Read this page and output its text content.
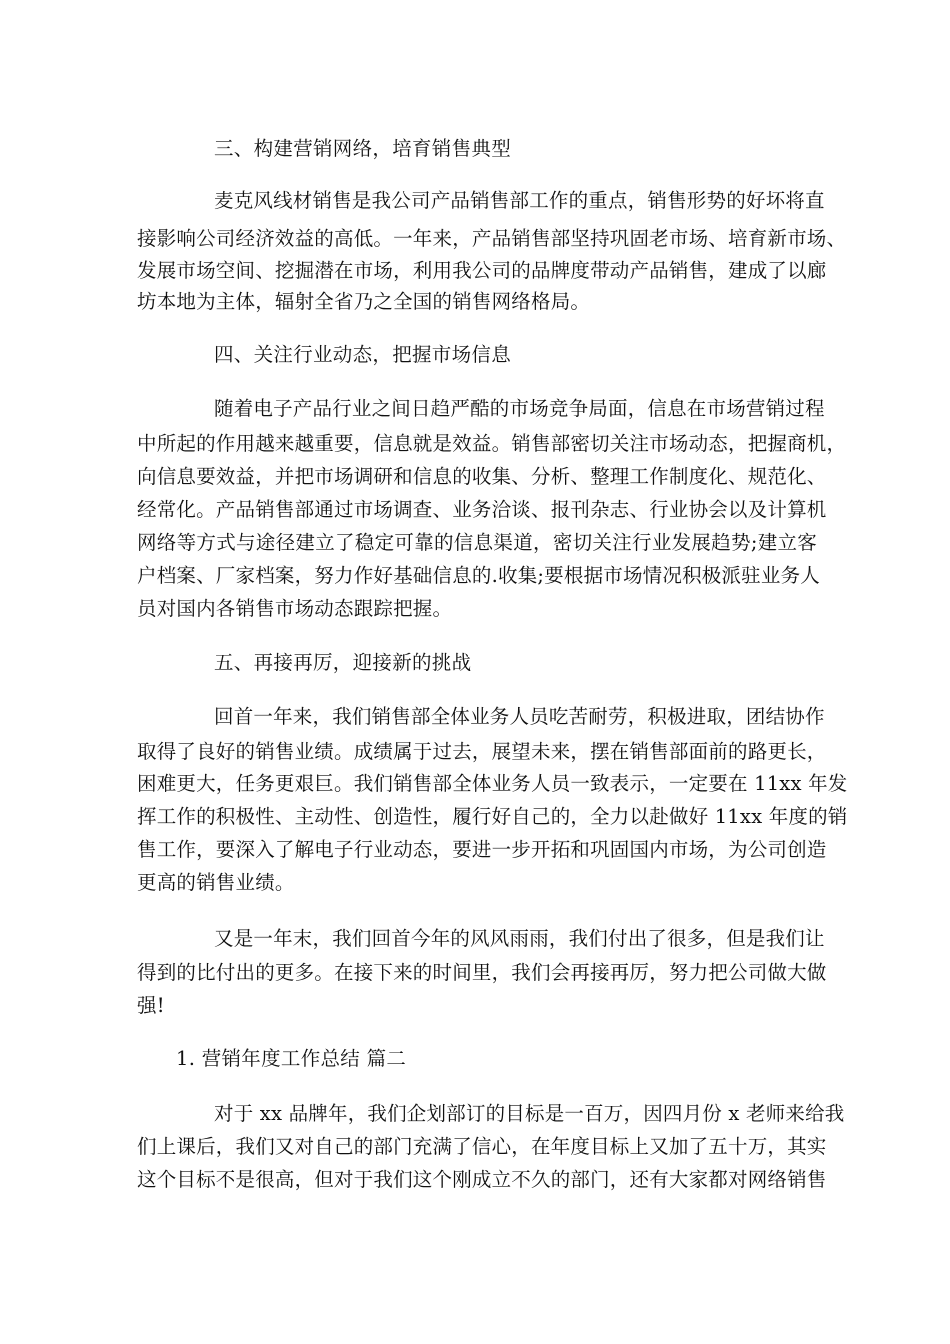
三、构建营销网络，培育销售典型
麦克风线材销售是我公司产品销售部工作的重点，销售形势的好坏将直
接影响公司经济效益的高低。一年来，产品销售部坚持巩固老市场、培育新市场、
发展市场空间、挖掘潜在市场，利用我公司的品牌度带动产品销售，建成了以廊
坊本地为主体，辐射全省乃之全国的销售网络格局。
四、关注行业动态，把握市场信息
随着电子产品行业之间日趋严酷的市场竞争局面，信息在市场营销过程
中所起的作用越来越重要，信息就是效益。销售部密切关注市场动态，把握商机，
向信息要效益，并把市场调研和信息的收集、分析、整理工作制度化、规范化、
经常化。产品销售部通过市场调查、业务洽谈、报刊杂志、行业协会以及计算机
网络等方式与途径建立了稳定可靠的信息渠道，密切关注行业发展趋势;建立客
户档案、厂家档案，努力作好基础信息的.收集;要根据市场情况积极派驻业务人
员对国内各销售市场动态跟踪把握。
五、再接再厉，迎接新的挑战
回首一年来，我们销售部全体业务人员吃苦耐劳，积极进取，团结协作
取得了良好的销售业绩。成绩属于过去，展望未来，摆在销售部面前的路更长，
困难更大，任务更艰巨。我们销售部全体业务人员一致表示，一定要在 11xx 年发
挥工作的积极性、主动性、创造性，履行好自己的，全力以赴做好 11xx 年度的销
售工作，要深入了解电子行业动态，要进一步开拓和巩固国内市场，为公司创造
更高的销售业绩。
又是一年末，我们回首今年的风风雨雨，我们付出了很多，但是我们让
得到的比付出的更多。在接下来的时间里，我们会再接再厉，努力把公司做大做
强!
1. 营销年度工作总结 篇二
对于 xx 品牌年，我们企划部订的目标是一百万，因四月份 x 老师来给我
们上课后，我们又对自己的部门充满了信心，在年度目标上又加了五十万，其实
这个目标不是很高，但对于我们这个刚成立不久的部门，还有大家都对网络销售
